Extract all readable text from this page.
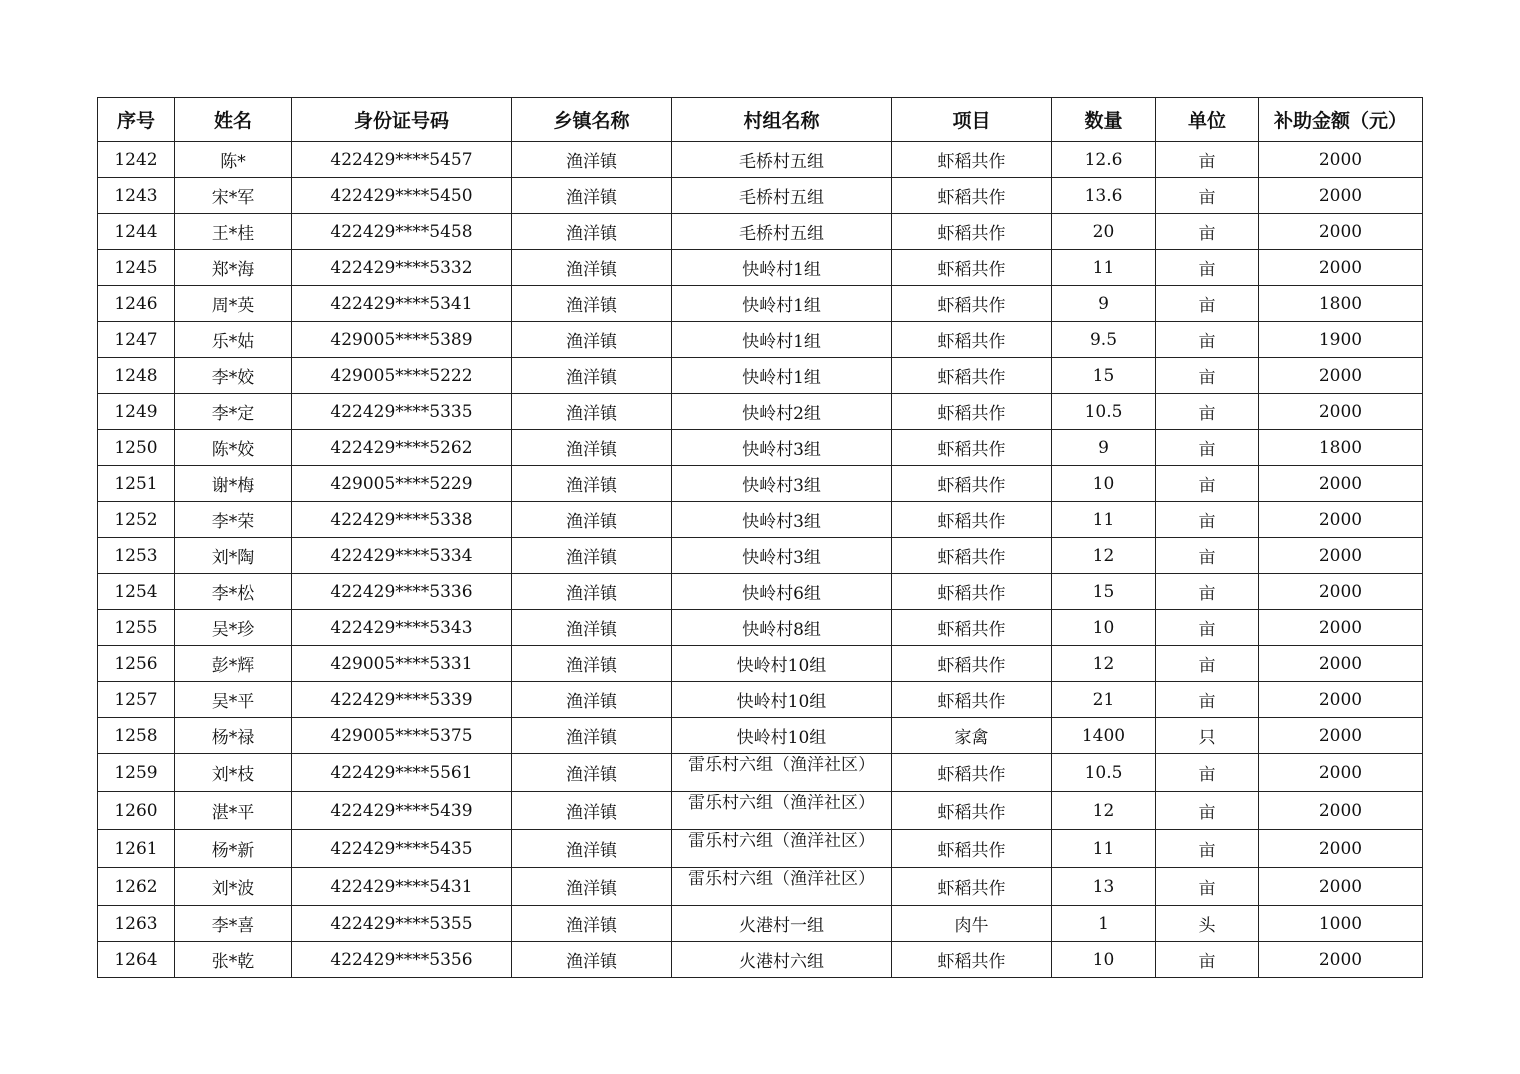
序号	姓名	身份证号码	乡镇名称	村组名称	项目	数量	单位	补助金额（元）
1242	陈*	422429****5457	渔洋镇	毛桥村五组	虾稻共作	12.6	亩	2000
1243	宋*军	422429****5450	渔洋镇	毛桥村五组	虾稻共作	13.6	亩	2000
1244	王*桂	422429****5458	渔洋镇	毛桥村五组	虾稻共作	20	亩	2000
1245	郑*海	422429****5332	渔洋镇	快岭村1组	虾稻共作	11	亩	2000
1246	周*英	422429****5341	渔洋镇	快岭村1组	虾稻共作	9	亩	1800
1247	乐*姑	429005****5389	渔洋镇	快岭村1组	虾稻共作	9.5	亩	1900
1248	李*姣	429005****5222	渔洋镇	快岭村1组	虾稻共作	15	亩	2000
1249	李*定	422429****5335	渔洋镇	快岭村2组	虾稻共作	10.5	亩	2000
1250	陈*姣	422429****5262	渔洋镇	快岭村3组	虾稻共作	9	亩	1800
1251	谢*梅	429005****5229	渔洋镇	快岭村3组	虾稻共作	10	亩	2000
1252	李*荣	422429****5338	渔洋镇	快岭村3组	虾稻共作	11	亩	2000
1253	刘*陶	422429****5334	渔洋镇	快岭村3组	虾稻共作	12	亩	2000
1254	李*松	422429****5336	渔洋镇	快岭村6组	虾稻共作	15	亩	2000
1255	吴*珍	422429****5343	渔洋镇	快岭村8组	虾稻共作	10	亩	2000
1256	彭*辉	429005****5331	渔洋镇	快岭村10组	虾稻共作	12	亩	2000
1257	吴*平	422429****5339	渔洋镇	快岭村10组	虾稻共作	21	亩	2000
1258	杨*禄	429005****5375	渔洋镇	快岭村10组	家禽	1400	只	2000
1259	刘*枝	422429****5561	渔洋镇	雷乐村六组（渔洋社区）	虾稻共作	10.5	亩	2000
1260	湛*平	422429****5439	渔洋镇	雷乐村六组（渔洋社区）	虾稻共作	12	亩	2000
1261	杨*新	422429****5435	渔洋镇	雷乐村六组（渔洋社区）	虾稻共作	11	亩	2000
1262	刘*波	422429****5431	渔洋镇	雷乐村六组（渔洋社区）	虾稻共作	13	亩	2000
1263	李*喜	422429****5355	渔洋镇	火港村一组	肉牛	1	头	1000
1264	张*乾	422429****5356	渔洋镇	火港村六组	虾稻共作	10	亩	2000
